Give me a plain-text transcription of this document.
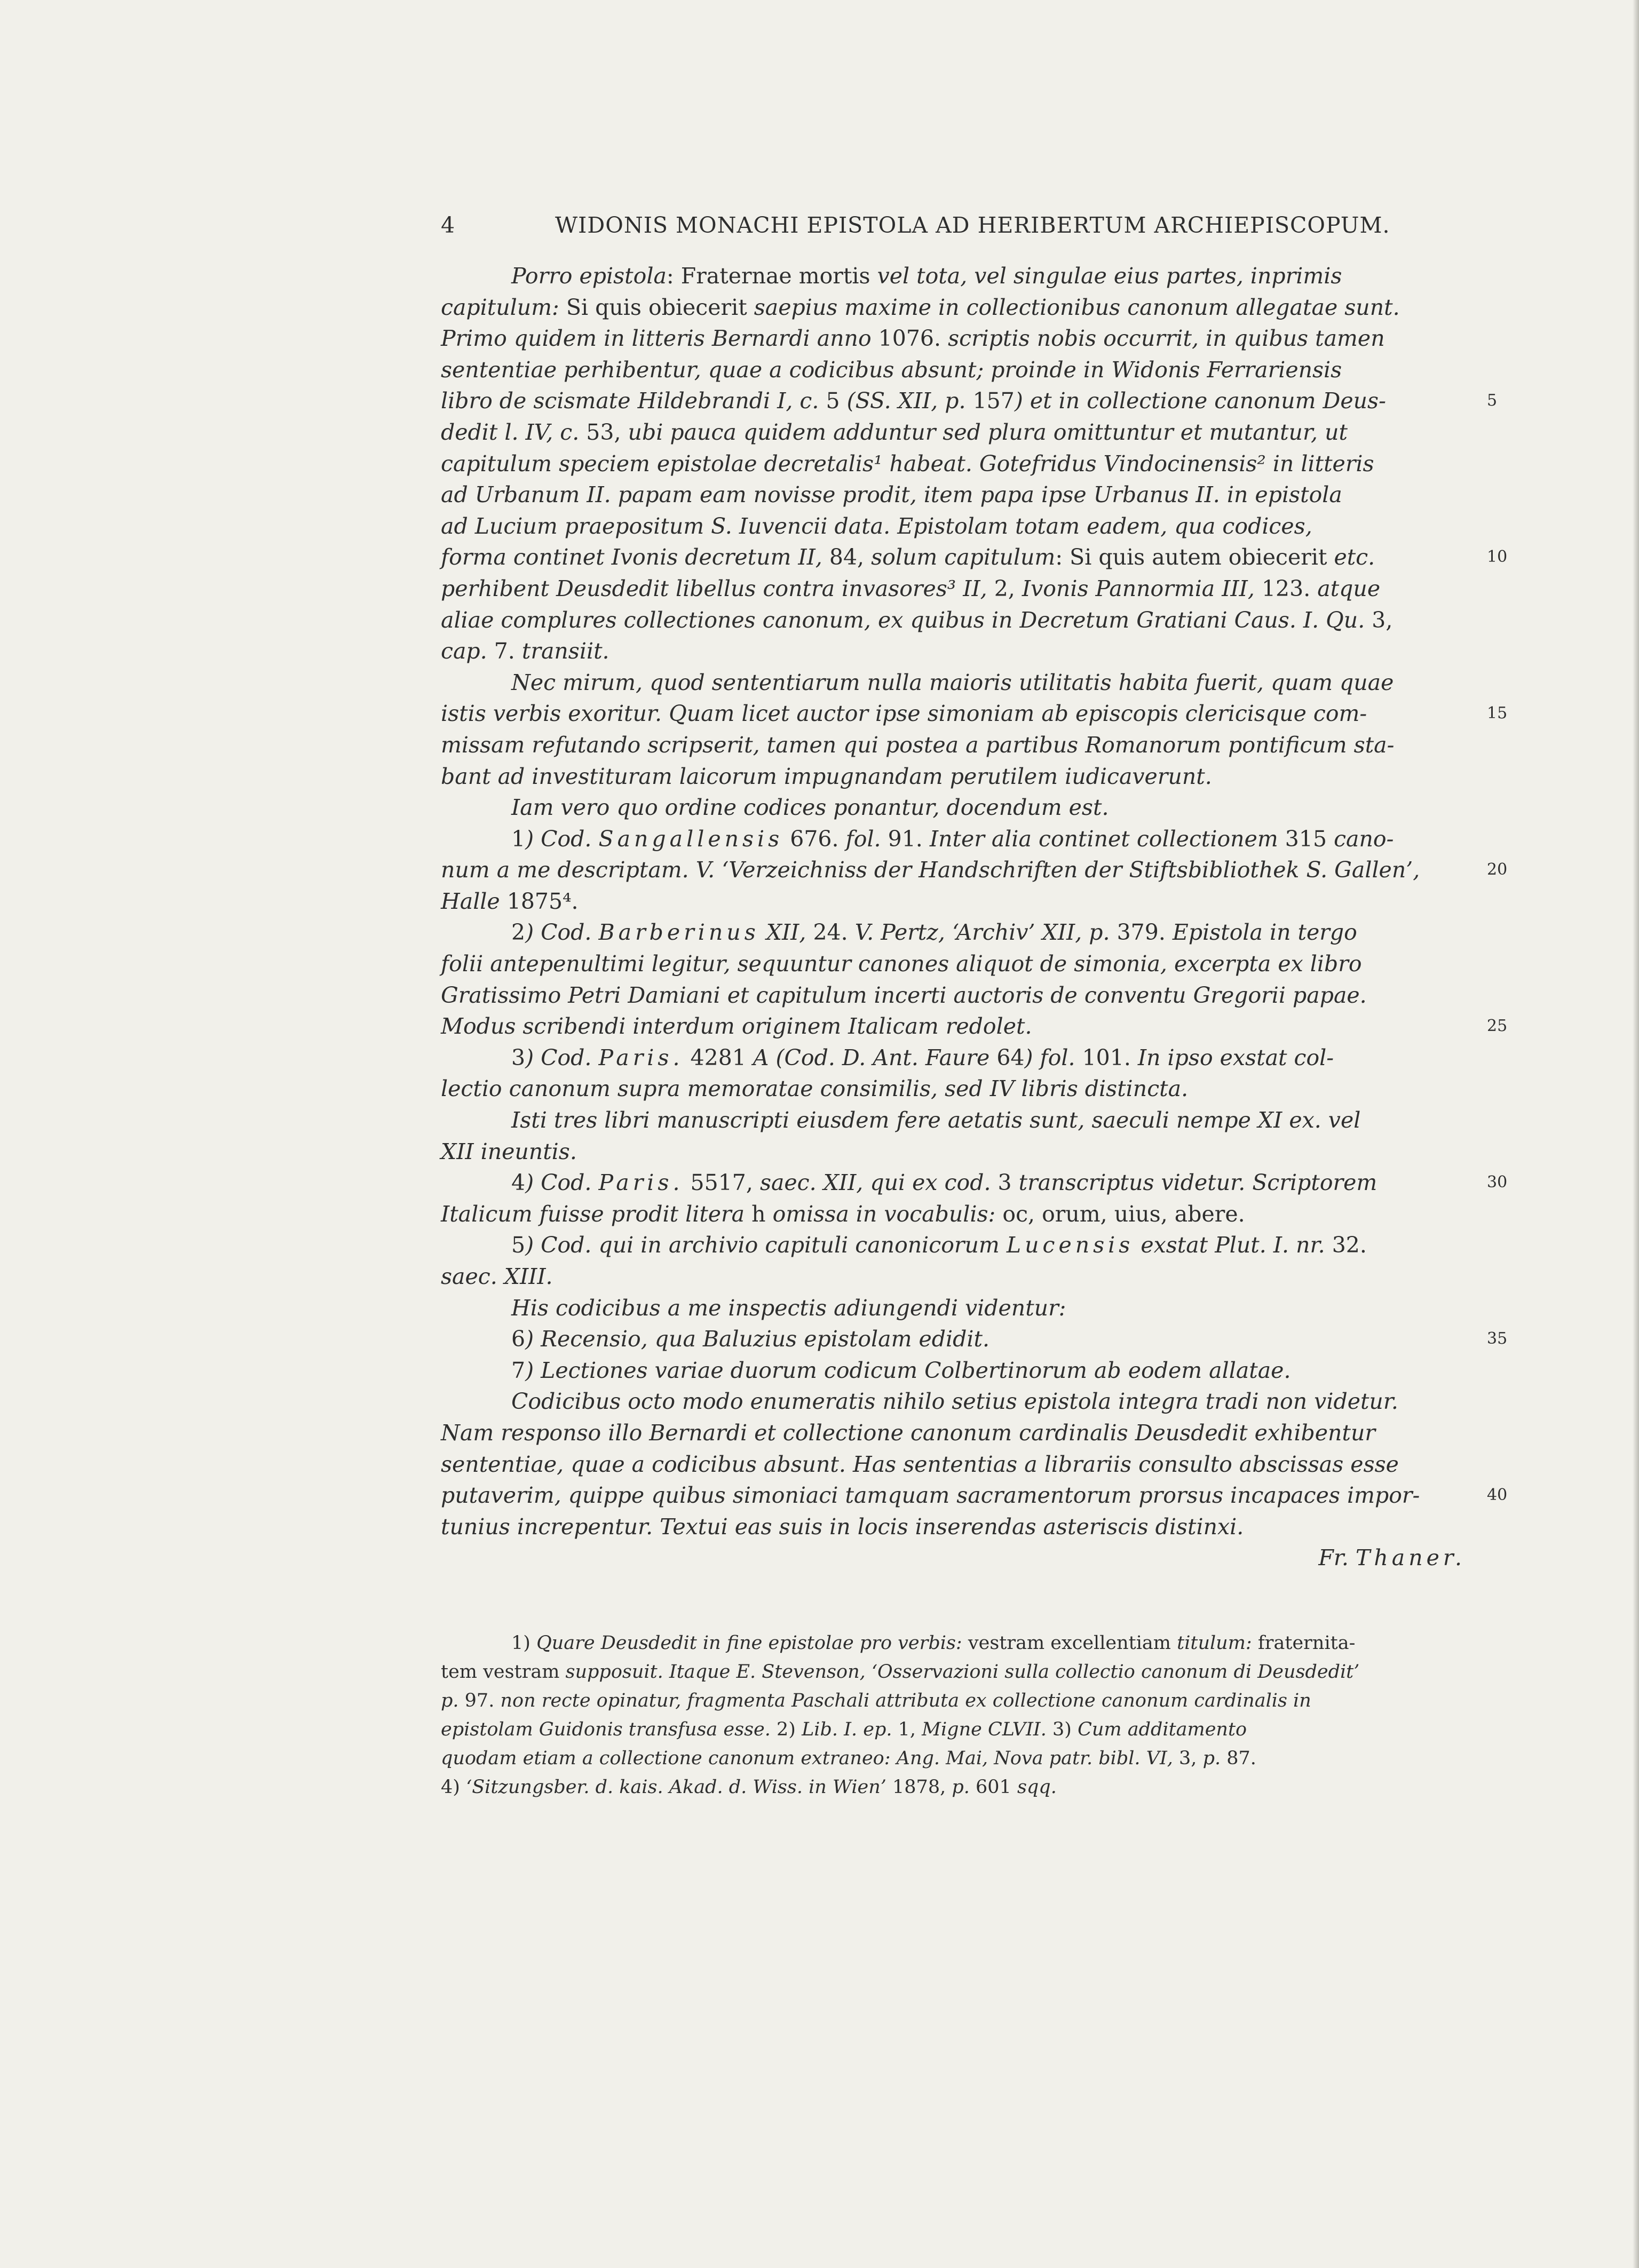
4	WIDONIS MONACHI EPISTOLA AD HERIBERTUM ARCHIEPISCOPUM.
Porro epistola: Fraternae mortis vel tota, vel singulae eius partes, inprimis
capitulum: Si quis obiecerit saepius maxime in collectionibus canonum allegatae sunt.
Primo quidem in litteris Bernardi anno 1076. scriptis nobis occurrit, in quibus tamen
sententiae perhibentur, quae a codicibus absunt; proinde in Widonis Ferrariensis
libro de scismate Hildebrandi I, c. 5 (SS. XII, p. 157) et in collectione canonum Deus-	5
dedit l. IV, c. 53, ubi pauca quidem adduntur sed plura omittuntur et mutantur, ut
capitulum speciem epistolae decretalis¹ habeat. Gotefridus Vindocinensis² in litteris
ad Urbanum II. papam eam novisse prodit, item papa ipse Urbanus II. in epistola
ad Lucium praepositum S. Iuvencii data. Epistolam totam eadem, qua codices,
forma continet Ivonis decretum II, 84, solum capitulum: Si quis autem obiecerit etc.	10
perhibent Deusdedit libellus contra invasores³ II, 2, Ivonis Pannormia III, 123. atque
aliae complures collectiones canonum, ex quibus in Decretum Gratiani Caus. I. Qu. 3,
cap. 7. transiit.
Nec mirum, quod sententiarum nulla maioris utilitatis habita fuerit, quam quae
istis verbis exoritur. Quam licet auctor ipse simoniam ab episcopis clericisque com-	15
missam refutando scripserit, tamen qui postea a partibus Romanorum pontificum sta-
bant ad investituram laicorum impugnandam perutilem iudicaverunt.
Iam vero quo ordine codices ponantur, docendum est.
1) Cod. Sangallensis 676. fol. 91. Inter alia continet collectionem 315 cano-
num a me descriptam. V. ‘Verzeichniss der Handschriften der Stiftsbibliothek S. Gallen’,	20
Halle 1875⁴.
2) Cod. Barberinus XII, 24. V. Pertz, ‘Archiv’ XII, p. 379. Epistola in tergo
folii antepenultimi legitur, sequuntur canones aliquot de simonia, excerpta ex libro
Gratissimo Petri Damiani et capitulum incerti auctoris de conventu Gregorii papae.
Modus scribendi interdum originem Italicam redolet.	25
3) Cod. Paris. 4281 A (Cod. D. Ant. Faure 64) fol. 101. In ipso exstat col-
lectio canonum supra memoratae consimilis, sed IV libris distincta.
Isti tres libri manuscripti eiusdem fere aetatis sunt, saeculi nempe XI ex. vel
XII ineuntis.
4) Cod. Paris. 5517, saec. XII, qui ex cod. 3 transcriptus videtur. Scriptorem	30
Italicum fuisse prodit litera h omissa in vocabulis: oc, orum, uius, abere.
5) Cod. qui in archivio capituli canonicorum Lucensis exstat Plut. I. nr. 32.
saec. XIII.
His codicibus a me inspectis adiungendi videntur:
6) Recensio, qua Baluzius epistolam edidit.	35
7) Lectiones variae duorum codicum Colbertinorum ab eodem allatae.
Codicibus octo modo enumeratis nihilo setius epistola integra tradi non videtur.
Nam responso illo Bernardi et collectione canonum cardinalis Deusdedit exhibentur
sententiae, quae a codicibus absunt. Has sententias a librariis consulto abscissas esse
putaverim, quippe quibus simoniaci tamquam sacramentorum prorsus incapaces impor-	40
tunius increpentur. Textui eas suis in locis inserendas asteriscis distinxi.
Fr. Thaner.
1) Quare Deusdedit in fine epistolae pro verbis: vestram excellentiam titulum: fraternita-
tem vestram supposuit. Itaque E. Stevenson, ‘Osservazioni sulla collectio canonum di Deusdedit’
p. 97. non recte opinatur, fragmenta Paschali attributa ex collectione canonum cardinalis in
epistolam Guidonis transfusa esse. 2) Lib. I. ep. 1, Migne CLVII. 3) Cum additamento
quodam etiam a collectione canonum extraneo: Ang. Mai, Nova patr. bibl. VI, 3, p. 87.
4) ‘Sitzungsber. d. kais. Akad. d. Wiss. in Wien’ 1878, p. 601 sqq.
